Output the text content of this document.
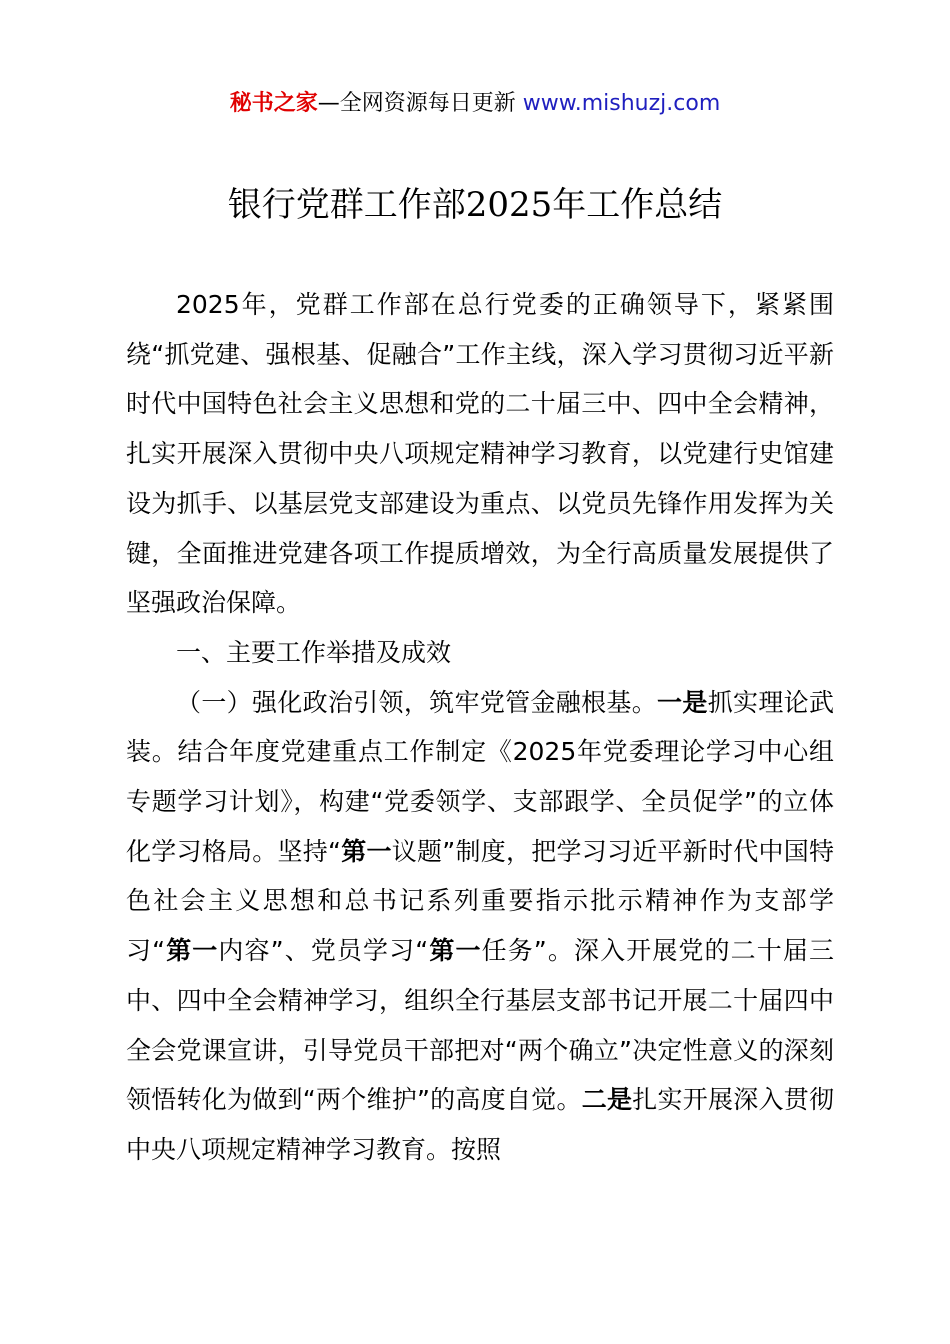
秘书之家—全网资源每日更新 www.mishuzj.com
银行党群工作部2025年工作总结

2025年，党群工作部在总行党委的正确领导下，紧紧围绕“抓党建、强根基、促融合”工作主线，深入学习贯彻习近平新时代中国特色社会主义思想和党的二十届三中、四中全会精神，扎实开展深入贯彻中央八项规定精神学习教育，以党建行史馆建设为抓手、以基层党支部建设为重点、以党员先锋作用发挥为关键，全面推进党建各项工作提质增效，为全行高质量发展提供了坚强政治保障。

一、主要工作举措及成效

（一）强化政治引领，筑牢党管金融根基。一是抓实理论武装。结合年度党建重点工作制定《2025年党委理论学习中心组专题学习计划》，构建“党委领学、支部跟学、全员促学”的立体化学习格局。坚持“第一议题”制度，把学习习近平新时代中国特色社会主义思想和总书记系列重要指示批示精神作为支部学习“第一内容”、党员学习“第一任务”。深入开展党的二十届三中、四中全会精神学习，组织全行基层支部书记开展二十届四中全会党课宣讲，引导党员干部把对“两个确立”决定性意义的深刻领悟转化为做到“两个维护”的高度自觉。二是扎实开展深入贯彻中央八项规定精神学习教育。按照
